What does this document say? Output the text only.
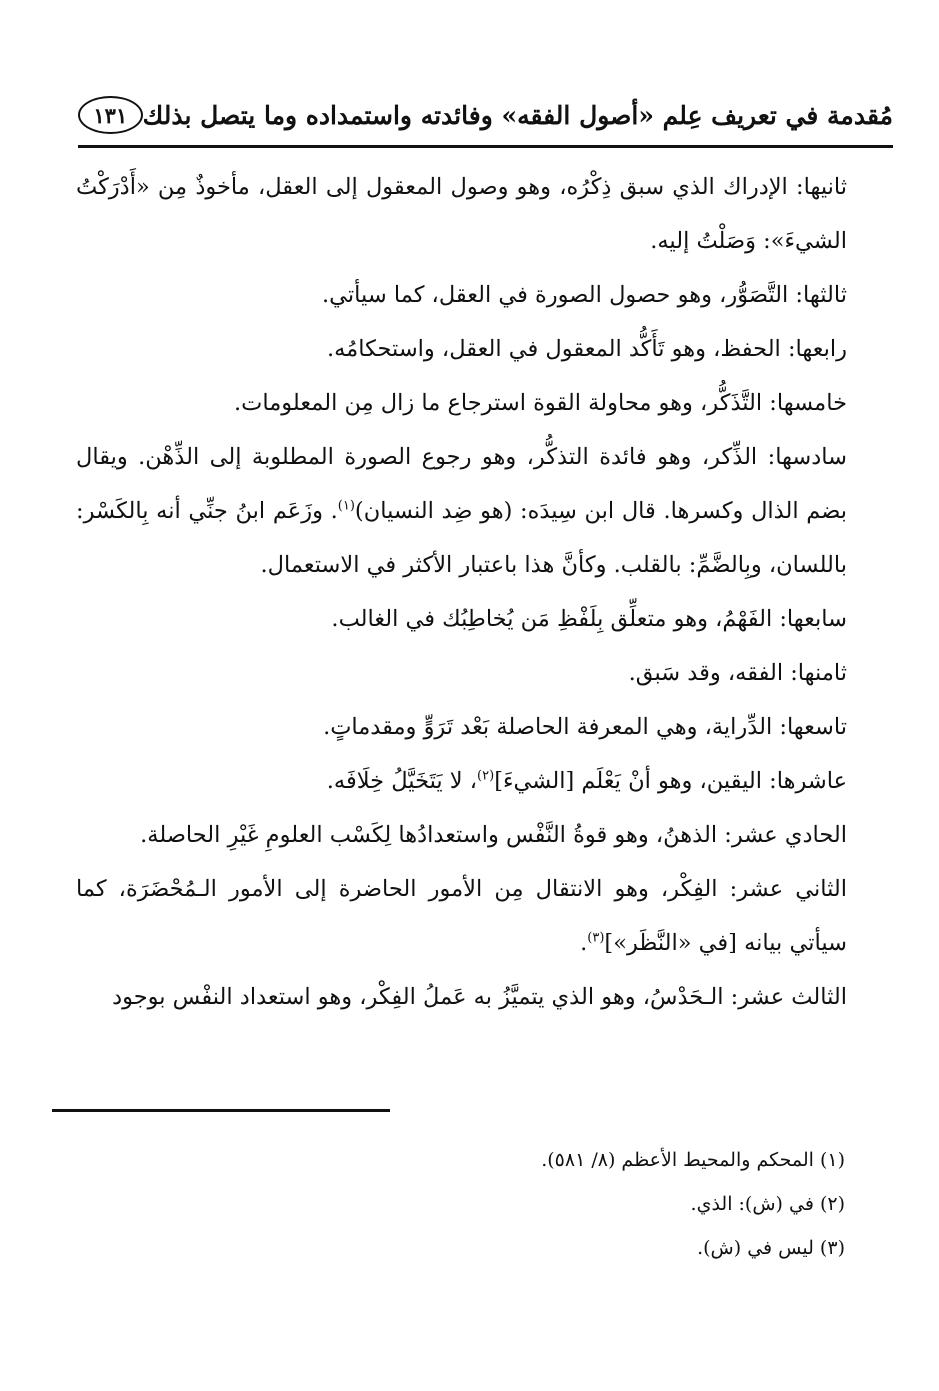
مُقدمة في تعريف عِلم «أصول الفقه» وفائدته واستمداده وما يتصل بذلك
١٣١

ثانيها: الإدراك الذي سبق ذِكْرُه، وهو وصول المعقول إلى العقل، مأخوذٌ مِن «أَدْرَكْتُ الشيءَ»: وَصَلْتُ إليه.

ثالثها: التَّصَوُّر، وهو حصول الصورة في العقل، كما سيأتي.

رابعها: الحفظ، وهو تَأَكُّد المعقول في العقل، واستحكامُه.

خامسها: التَّذَكُّر، وهو محاولة القوة استرجاع ما زال مِن المعلومات.

سادسها: الذِّكر، وهو فائدة التذكُّر، وهو رجوع الصورة المطلوبة إلى الذِّهْن. ويقال بضم الذال وكسرها. قال ابن سِيدَه: (هو ضِد النسيان)$^{(١)}$. وزَعَم ابنُ جنِّي أنه بِالكَسْر: باللسان، وبِالضَّمِّ: بالقلب. وكأنَّ هذا باعتبار الأكثر في الاستعمال.

سابعها: الفَهْمُ، وهو متعلِّق بِلَفْظِ مَن يُخاطِبُك في الغالب.

ثامنها: الفقه، وقد سَبق.

تاسعها: الدِّراية، وهي المعرفة الحاصلة بَعْد تَرَوٍّ ومقدماتٍ.

عاشرها: اليقين، وهو أنْ يَعْلَم [الشيءَ]$^{(٢)}$، لا يَتَخَيَّلُ خِلَافَه.

الحادي عشر: الذهنُ، وهو قوةُ النَّفْس واستعدادُها لِكَسْب العلومِ غَيْرِ الحاصلة.

الثاني عشر: الفِكْر، وهو الانتقال مِن الأمور الحاضرة إلى الأمور الـمُحْضَرَة، كما سيأتي بيانه [في «النَّظَر»]$^{(٣)}$.

الثالث عشر: الـحَدْسُ، وهو الذي يتميَّزُ به عَملُ الفِكْر، وهو استعداد النفْس بوجود

(١) المحكم والمحيط الأعظم (٨/ ٥٨١).

(٢) في (ش): الذي.

(٣) ليس في (ش).
